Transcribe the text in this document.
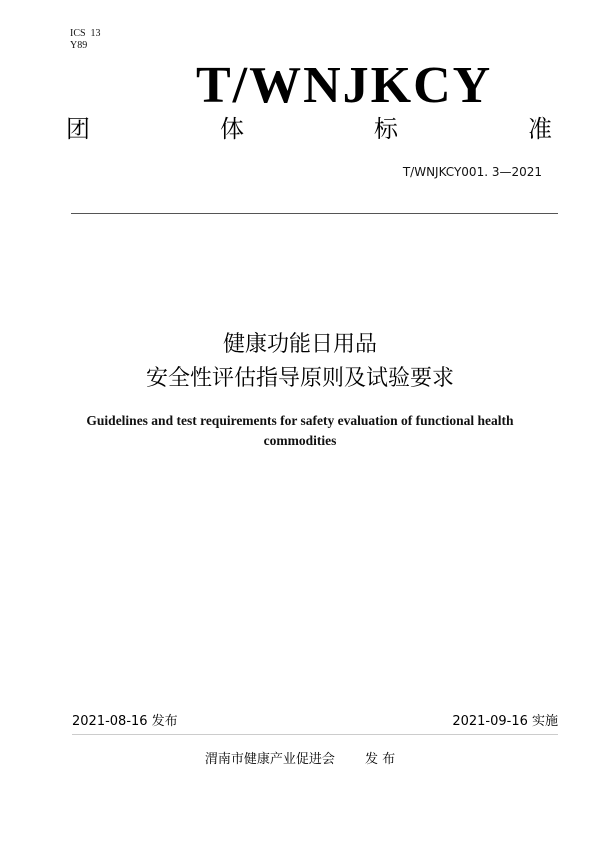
ICS  13
Y89
T/WNJKCY
团	体	标	准
T/WNJKCY001. 3—2021
健康功能日用品
安全性评估指导原则及试验要求
Guidelines and test requirements for safety evaluation of functional health
commodities
2021-08-16 发布	2021-09-16 实施
渭南市健康产业促进会 发 布
